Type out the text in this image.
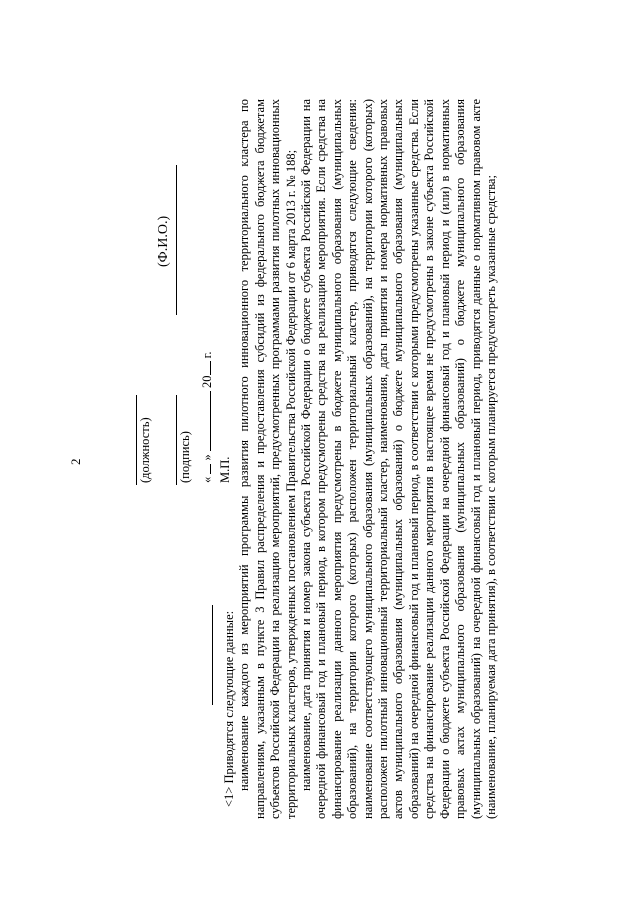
2	(должность) (подпись)
(Ф.И.О.)
«  »  20 г.
М.П.

<1> Приводятся следующие данные: наименование каждого из мероприятий программы развития пилотного инновационного территориального кластера по направлениям, указанным в пункте 3 Правил распределения и предоставления субсидий из федерального бюджета бюджетам субъектов Российской Федерации на реализацию мероприятий, предусмотренных программами развития пилотных инновационных территориальных кластеров, утвержденных постановлением Правительства Российской Федерации от 6 марта 2013 г. № 188; наименование, дата принятия и номер закона субъекта Российской Федерации о бюджете субъекта Российской Федерации на очередной финансовый год и плановый период, в котором предусмотрены средства на реализацию мероприятия. Если средства на финансирование реализации данного мероприятия предусмотрены в бюджете муниципального образования (муниципальных образований), на территории которого (которых) расположен территориальный кластер, приводятся следующие сведения: наименование соответствующего муниципального образования (муниципальных образований), на территории которого (которых) расположен пилотный инновационный территориальный кластер, наименования, даты принятия и номера нормативных правовых актов муниципального образования (муниципальных образований) о бюджете муниципального образования (муниципальных образований) на очередной финансовый год и плановый период, в соответствии с которыми предусмотрены указанные средства. Если средства на финансирование реализации данного мероприятия в настоящее время не предусмотрены в законе субъекта Российской Федерации о бюджете субъекта Российской Федерации на очередной финансовый год и плановый период и (или) в нормативных правовых актах муниципального образования (муниципальных образований) о бюджете муниципального образования (муниципальных образований) на очередной финансовый год и плановый период, приводятся данные о нормативном правовом акте (наименование, планируемая дата принятия), в соответствии с которым планируется предусмотреть указанные средства;
